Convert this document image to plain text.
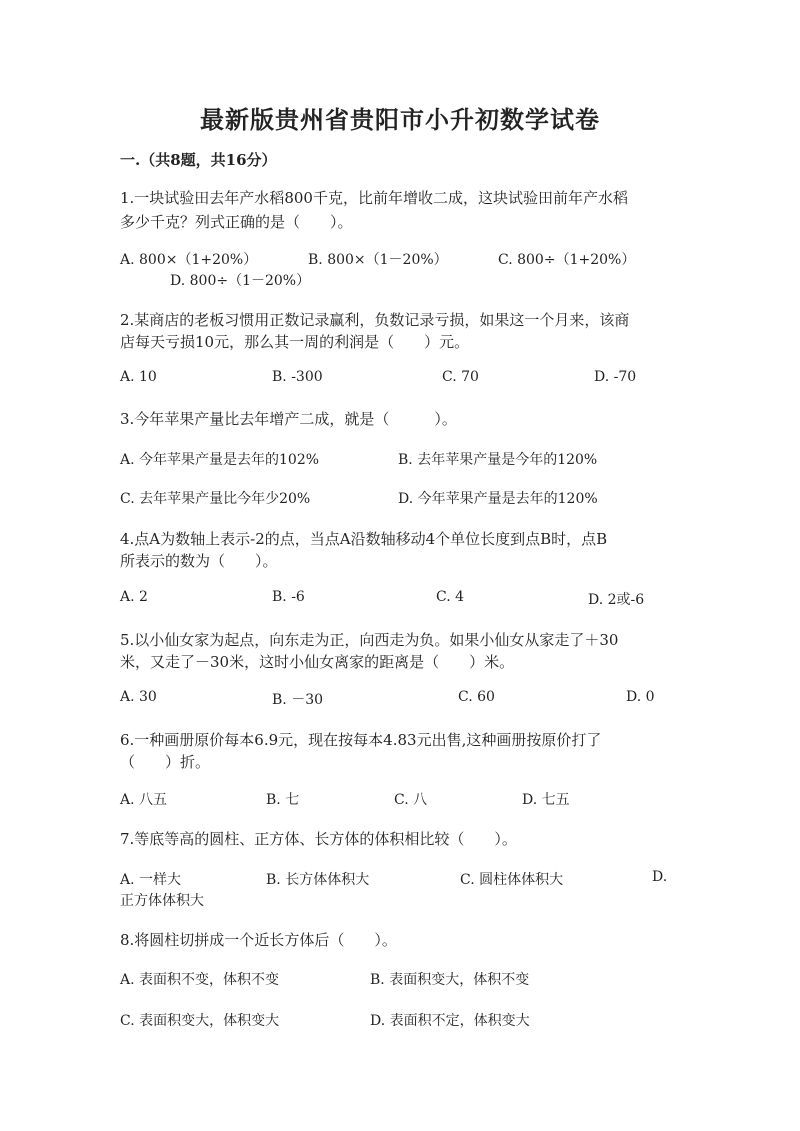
最新版贵州省贵阳市小升初数学试卷
一.（共8题，共16分）
1.一块试验田去年产水稻800千克，比前年增收二成，这块试验田前年产水稻
多少千克？列式正确的是（　　）。
A. 800×（1+20%）	B. 800×（1－20%）	C. 800÷（1+20%）
D. 800÷（1－20%）
2.某商店的老板习惯用正数记录赢利，负数记录亏损，如果这一个月来，该商
店每天亏损10元，那么其一周的利润是（　　）元。
A. 10	B. -300	C. 70	D. -70
3.今年苹果产量比去年增产二成，就是（　　　）。
A. 今年苹果产量是去年的102%	B. 去年苹果产量是今年的120%
C. 去年苹果产量比今年少20%	D. 今年苹果产量是去年的120%
4.点A为数轴上表示-2的点，当点A沿数轴移动4个单位长度到点B时，点B
所表示的数为（　　）。
A. 2	B. -6	C. 4	D. 2或-6
5.以小仙女家为起点，向东走为正，向西走为负。如果小仙女从家走了＋30
米，又走了－30米，这时小仙女离家的距离是（　　）米。
A. 30	B. －30	C. 60	D. 0
6.一种画册原价每本6.9元，现在按每本4.83元出售,这种画册按原价打了
（　　）折。
A. 八五	B. 七	C. 八	D. 七五
7.等底等高的圆柱、正方体、长方体的体积相比较（　　）。
A. 一样大	B. 长方体体积大	C. 圆柱体体积大	D.
正方体体积大
8.将圆柱切拼成一个近长方体后（　　）。
A. 表面积不变，体积不变	B. 表面积变大，体积不变
C. 表面积变大，体积变大	D. 表面积不定，体积变大
